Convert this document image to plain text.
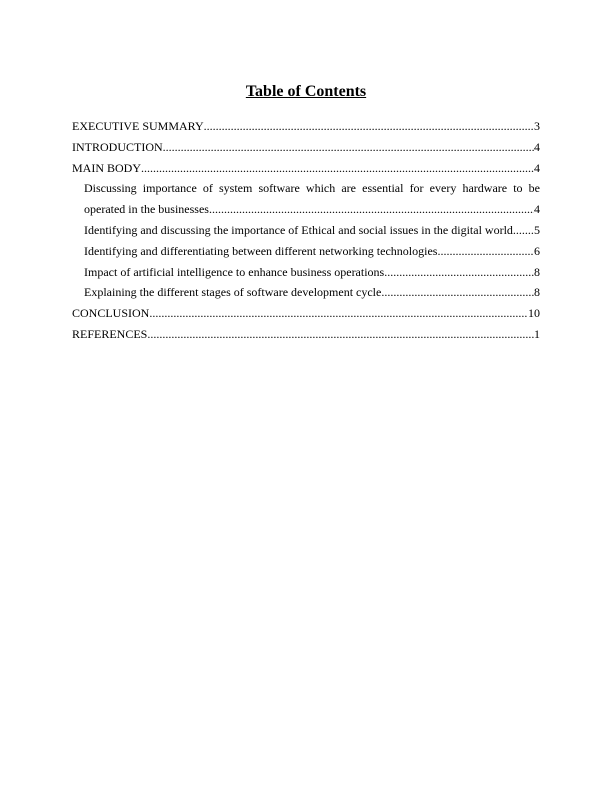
Table of Contents
EXECUTIVE SUMMARY .....	3
INTRODUCTION .....	4
MAIN BODY .....	4
Discussing importance of system software which are essential for every hardware to be
operated in the businesses .....	4
Identifying and discussing the importance of Ethical and social issues in the digital world ..... 5
Identifying and differentiating between different networking technologies .....	6
Impact of artificial intelligence to enhance business operations .....	8
Explaining the different stages of software development cycle .....	8
CONCLUSION .....	10
REFERENCES .....	1
